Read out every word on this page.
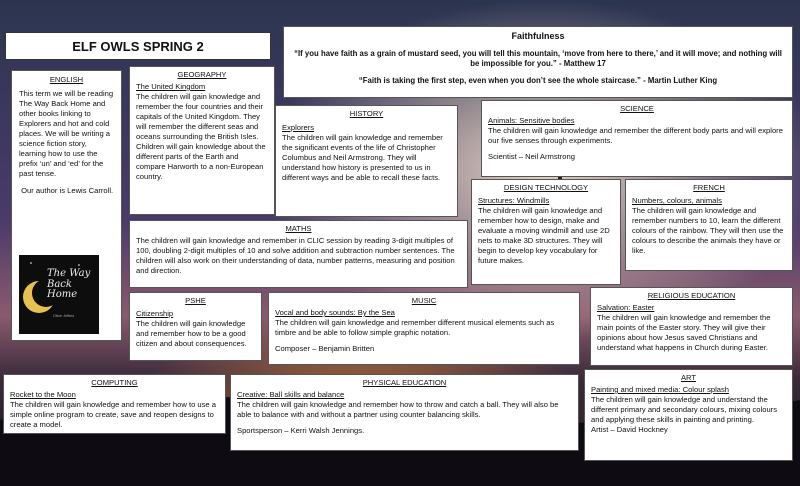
ELF OWLS SPRING 2

Faithfulness

“If you have faith as a grain of mustard seed, you will tell this mountain, ‘move from here to there,’ and it will move; and nothing will be impossible for you.” - Matthew 17

“Faith is taking the first step, even when you don’t see the whole staircase.” - Martin Luther King

ENGLISH

This term we will be reading The Way Back Home and other books linking to Explorers and hot and cold places. We will be writing a science fiction story, learning how to use the prefix ‘un’ and ‘ed’ for the past tense.

Our author is Lewis Carroll.

The Way Back Home
Oliver Jeffers
GEOGRAPHY
The United Kingdom

The children will gain knowledge and remember the four countries and their capitals of the United Kingdom. They will remember the different seas and oceans surrounding the British Isles. Children will gain knowledge about the different parts of the Earth and compare Harworth to a non-European country.

HISTORY
Explorers

The children will gain knowledge and remember the significant events of the life of Christopher Columbus and Neil Armstrong. They will understand how history is presented to us in different ways and be able to recall these facts.

SCIENCE
Animals: Sensitive bodies

The children will gain knowledge and remember the different body parts and will explore our five senses through experiments.

Scientist – Neil Armstrong

DESIGN TECHNOLOGY
Structures: Windmills

The children will gain knowledge and remember how to design, make and evaluate a moving windmill and use 2D nets to make 3D structures. They will begin to develop key vocabulary for future makes.

FRENCH
Numbers, colours, animals

The children will gain knowledge and remember numbers to 10, learn the different colours of the rainbow. They will then use the colours to describe the animals they have or like.

MATHS

The children will gain knowledge and remember in CLIC session by reading 3-digit multiples of 100, doubling 2-digit multiples of 10 and solve addition and subtraction number sentences. The children will also work on their understanding of data, number patterns, measuring and position and direction.

PSHE
Citizenship

The children will gain knowledge and remember how to be a good citizen and about consequences.

MUSIC
Vocal and body sounds: By the Sea

The children will gain knowledge and remember different musical elements such as timbre and be able to follow simple graphic notation.

Composer – Benjamin Britten

RELIGIOUS EDUCATION
Salvation: Easter

The children will gain knowledge and remember the main points of the Easter story. They will give their opinions about how Jesus saved Christians and understand what happens in Church during Easter.

COMPUTING
Rocket to the Moon

The children will gain knowledge and remember how to use a simple online program to create, save and reopen designs to create a model.

PHYSICAL EDUCATION
Creative: Ball skills and balance

The children will gain knowledge and remember how to throw and catch a ball. They will also be able to balance with and without a partner using counter balancing skills.

Sportsperson – Kerri Walsh Jennings.

ART
Painting and mixed media: Colour splash

The children will gain knowledge and understand the different primary and secondary colours, mixing colours and applying these skills in painting and printing.

Artist – David Hockney
